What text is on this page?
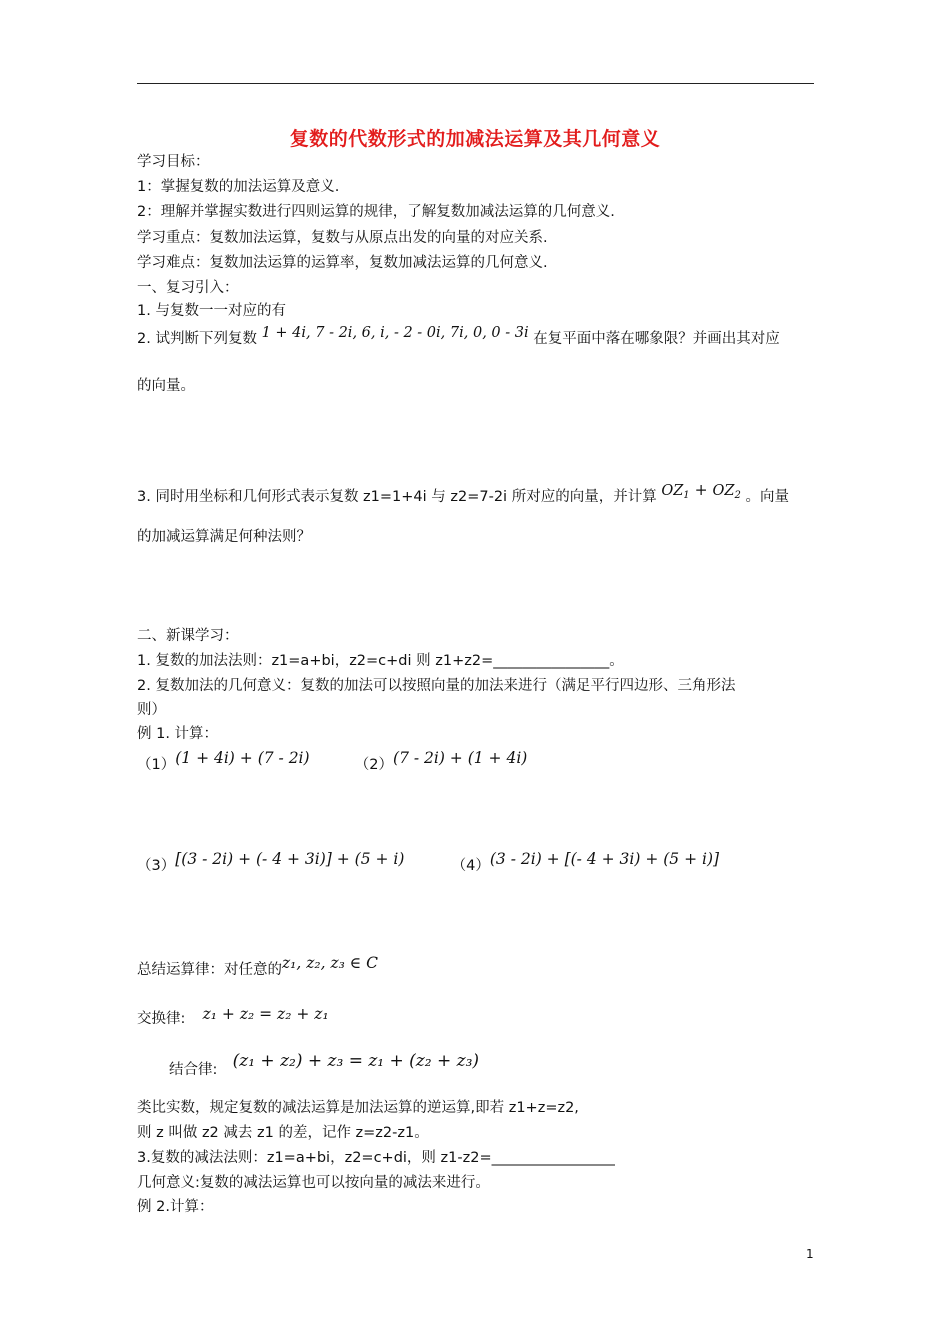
复数的代数形式的加减法运算及其几何意义
学习目标：
1：掌握复数的加法运算及意义.
2：理解并掌握实数进行四则运算的规律，了解复数加减法运算的几何意义.
学习重点：复数加法运算，复数与从原点出发的向量的对应关系.
学习难点：复数加法运算的运算率，复数加减法运算的几何意义.
一、复习引入：
1. 与复数一一对应的有
2. 试判断下列复数 1 + 4i, 7 - 2i, 6, i, - 2 - 0i, 7i, 0, 0 - 3i 在复平面中落在哪象限？并画出其对应
的向量。
3. 同时用坐标和几何形式表示复数 z1=1+4i 与 z2=7-2i 所对应的向量，并计算 $OZ_1 + OZ_2$ 。向量
的加减运算满足何种法则？
二、新课学习：
1. 复数的加法法则：z1=a+bi，z2=c+di 则 z1+z2=________________。
2. 复数加法的几何意义：复数的加法可以按照向量的加法来进行（满足平行四边形、三角形法
则）
例 1. 计算：
（1）(1 + 4i) + (7 - 2i)	（2）(7 - 2i) + (1 + 4i)
（3）[(3 - 2i) + (- 4 + 3i)] + (5 + i)	（4）(3 - 2i) + [(- 4 + 3i) + (5 + i)]
总结运算律：对任意的z₁, z₂, z₃ ∈ C
交换律: z₁ + z₂ = z₂ + z₁
结合律: (z₁ + z₂) + z₃ = z₁ + (z₂ + z₃)
类比实数，规定复数的减法运算是加法运算的逆运算,即若 z1+z=z2,
则 z 叫做 z2 减去 z1 的差，记作 z=z2-z1。
3.复数的减法法则：z1=a+bi，z2=c+di，则 z1-z2=_________________
几何意义:复数的减法运算也可以按向量的减法来进行。
例 2.计算：
1
